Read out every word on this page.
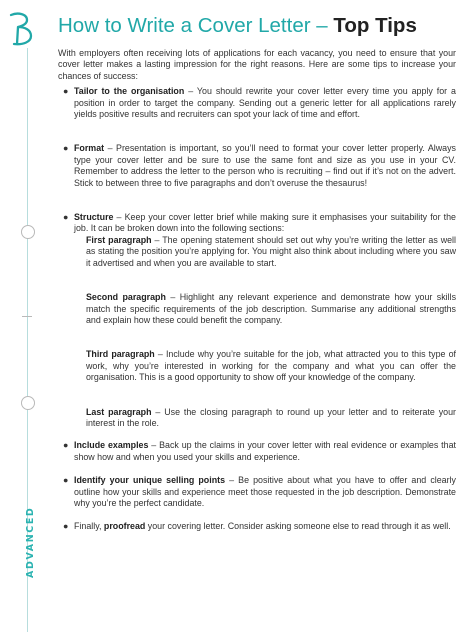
ADVANCED
How to Write a Cover Letter – Top Tips

With employers often receiving lots of applications for each vacancy, you need to ensure that your cover letter makes a lasting impression for the right reasons. Here are some tips to increase your chances of success:

● Tailor to the organisation – You should rewrite your cover letter every time you apply for a position in order to target the company. Sending out a generic letter for all applications rarely yields positive results and recruiters can spot your lack of time and effort.
● Format – Presentation is important, so you’ll need to format your cover letter properly. Always type your cover letter and be sure to use the same font and size as you use in your CV. Remember to address the letter to the person who is recruiting – find out if it’s not on the advert. Stick to between three to five paragraphs and don’t overuse the thesaurus!
● Structure – Keep your cover letter brief while making sure it emphasises your suitability for the job. It can be broken down into the following sections:

First paragraph – The opening statement should set out why you’re writing the letter as well as stating the position you’re applying for. You might also think about including where you saw it advertised and when you are available to start.

Second paragraph – Highlight any relevant experience and demonstrate how your skills match the specific requirements of the job description. Summarise any additional strengths and explain how these could benefit the company.

Third paragraph – Include why you’re suitable for the job, what attracted you to this type of work, why you’re interested in working for the company and what you can offer the organisation. This is a good opportunity to show off your knowledge of the company.

Last paragraph – Use the closing paragraph to round up your letter and to reiterate your interest in the role.

● Include examples – Back up the claims in your cover letter with real evidence or examples that show how and when you used your skills and experience.
● Identify your unique selling points – Be positive about what you have to offer and clearly outline how your skills and experience meet those requested in the job description. Demonstrate why you’re the perfect candidate.
● Finally, proofread your covering letter. Consider asking someone else to read through it as well.
